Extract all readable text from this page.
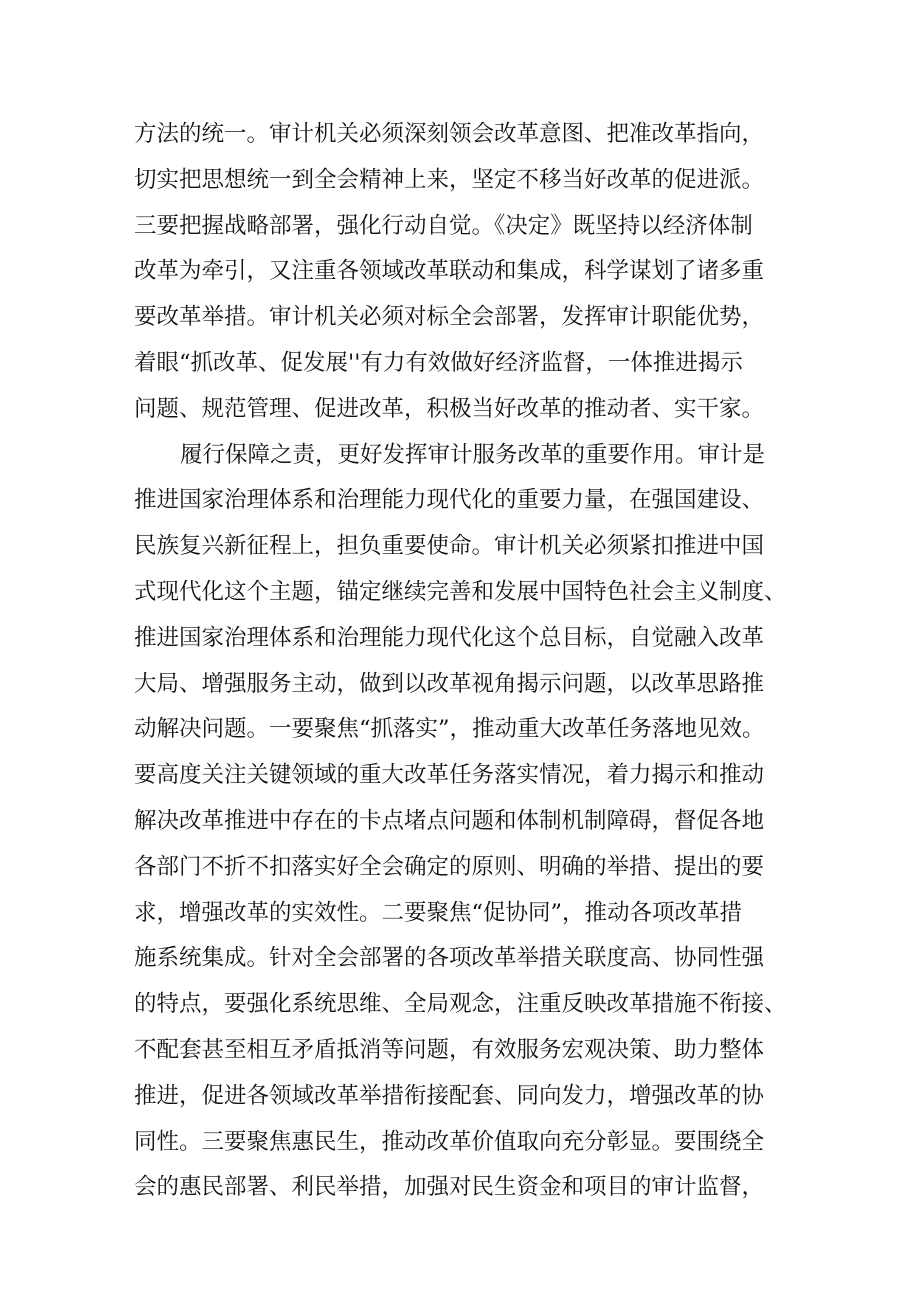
方法的统一。审计机关必须深刻领会改革意图、把准改革指向，
切实把思想统一到全会精神上来，坚定不移当好改革的促进派。
三要把握战略部署，强化行动自觉。《决定》既坚持以经济体制
改革为牵引，又注重各领域改革联动和集成，科学谋划了诸多重
要改革举措。审计机关必须对标全会部署，发挥审计职能优势，
着眼“抓改革、促发展''有力有效做好经济监督，一体推进揭示
问题、规范管理、促进改革，积极当好改革的推动者、实干家。
履行保障之责，更好发挥审计服务改革的重要作用。审计是
推进国家治理体系和治理能力现代化的重要力量，在强国建设、
民族复兴新征程上，担负重要使命。审计机关必须紧扣推进中国
式现代化这个主题，锚定继续完善和发展中国特色社会主义制度、
推进国家治理体系和治理能力现代化这个总目标，自觉融入改革
大局、增强服务主动，做到以改革视角揭示问题，以改革思路推
动解决问题。一要聚焦“抓落实”，推动重大改革任务落地见效。
要高度关注关键领域的重大改革任务落实情况，着力揭示和推动
解决改革推进中存在的卡点堵点问题和体制机制障碍，督促各地
各部门不折不扣落实好全会确定的原则、明确的举措、提出的要
求，增强改革的实效性。二要聚焦“促协同”，推动各项改革措
施系统集成。针对全会部署的各项改革举措关联度高、协同性强
的特点，要强化系统思维、全局观念，注重反映改革措施不衔接、
不配套甚至相互矛盾抵消等问题，有效服务宏观决策、助力整体
推进，促进各领域改革举措衔接配套、同向发力，增强改革的协
同性。三要聚焦惠民生，推动改革价值取向充分彰显。要围绕全
会的惠民部署、利民举措，加强对民生资金和项目的审计监督，
